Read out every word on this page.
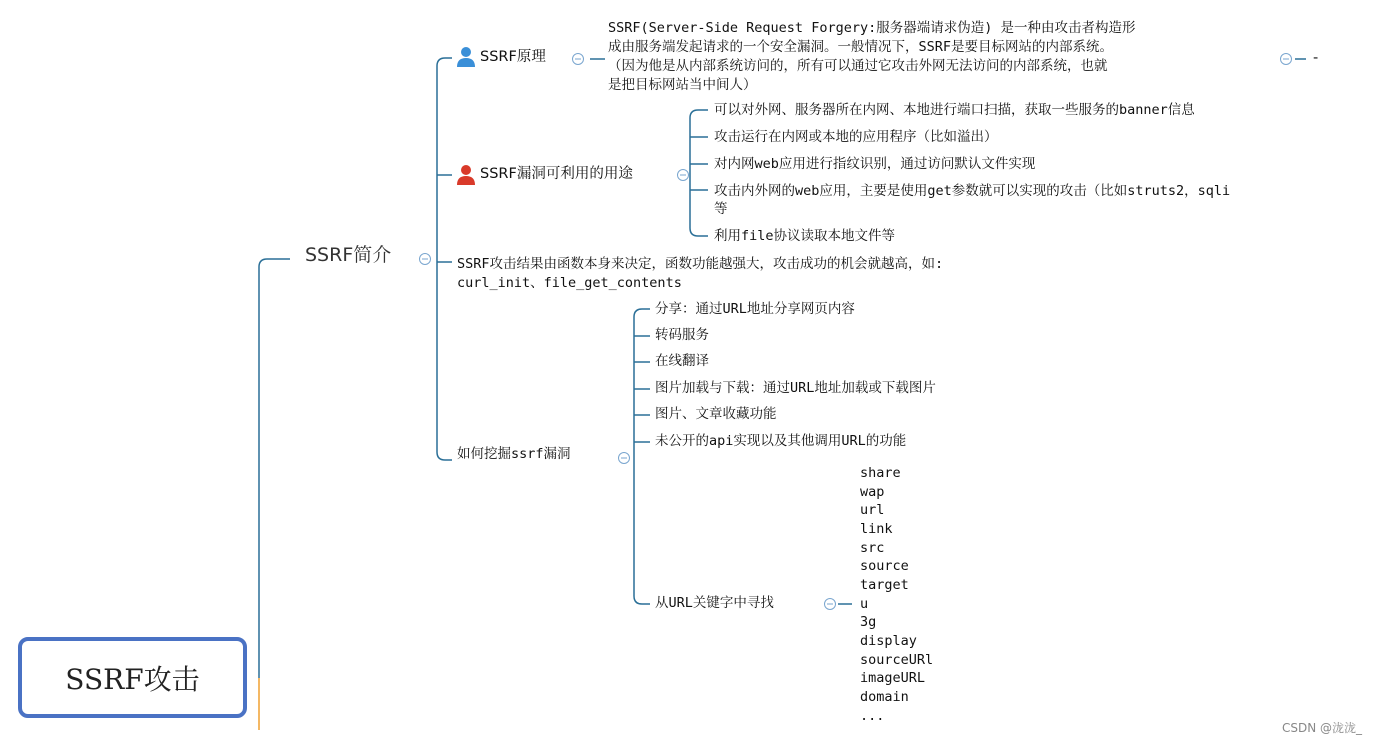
SSRF攻击
SSRF简介
SSRF原理
SSRF(Server-Side Request Forgery:服务器端请求伪造) 是一种由攻击者构造形
成由服务端发起请求的一个安全漏洞。一般情况下，SSRF是要目标网站的内部系统。
（因为他是从内部系统访问的，所有可以通过它攻击外网无法访问的内部系统，也就
是把目标网站当中间人）
-
SSRF漏洞可利用的用途
可以对外网、服务器所在内网、本地进行端口扫描，获取一些服务的banner信息
攻击运行在内网或本地的应用程序（比如溢出）
对内网web应用进行指纹识别，通过访问默认文件实现
攻击内外网的web应用，主要是使用get参数就可以实现的攻击（比如struts2，sqli
等
利用file协议读取本地文件等
SSRF攻击结果由函数本身来决定，函数功能越强大，攻击成功的机会就越高，如:
curl_init、file_get_contents
如何挖掘ssrf漏洞
分享：通过URL地址分享网页内容
转码服务
在线翻译
图片加载与下载：通过URL地址加载或下载图片
图片、文章收藏功能
未公开的api实现以及其他调用URL的功能
从URL关键字中寻找
share
wap
url
link
src
source
target
u
3g
display
sourceURl
imageURL
domain
...
CSDN @泷泷_
